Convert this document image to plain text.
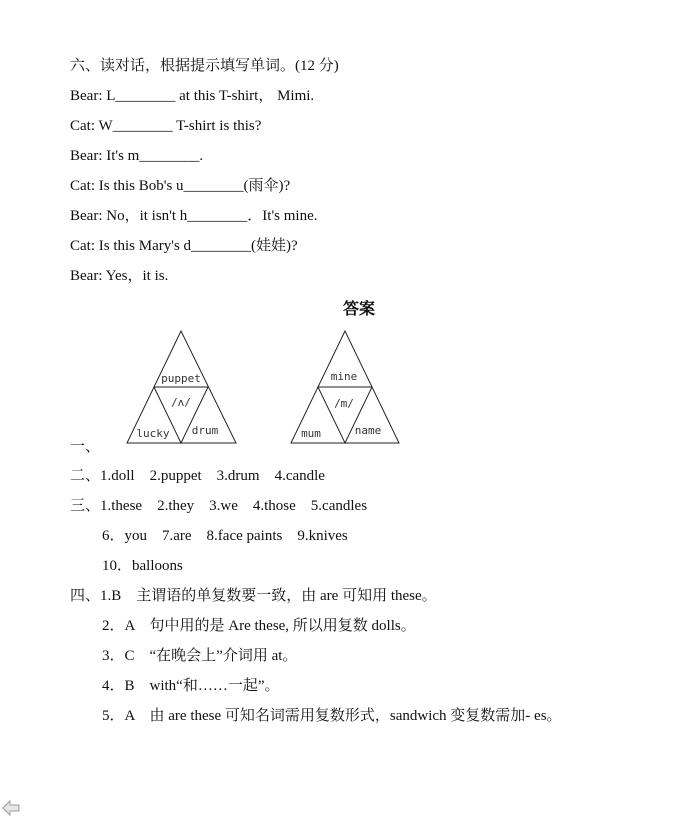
六、读对话，根据提示填写单词。(12 分)
Bear: L________ at this T-shirt， Mimi.
Cat: W________ T-shirt is this?
Bear: It's m________.
Cat: Is this Bob's u________(雨伞)?
Bear: No，it isn't h________．It's mine.
Cat: Is this Mary's d________(娃娃)?
Bear: Yes，it is.
答案
一、
puppet
/ʌ/
lucky drum
mine
/m/
mum	name
二、1.doll　2.puppet　3.drum　4.candle
三、1.these　2.they　3.we　4.those　5.candles
6．you　7.are　8.face paints　9.knives
10．balloons
四、1.B　主谓语的单复数要一致，由 are 可知用 these。
2．A　句中用的是 Are these, 所以用复数 dolls。
3．C　“在晚会上”介词用 at。
4．B　with“和……一起”。
5．A　由 are these 可知名词需用复数形式，sandwich 变复数需加- es。
